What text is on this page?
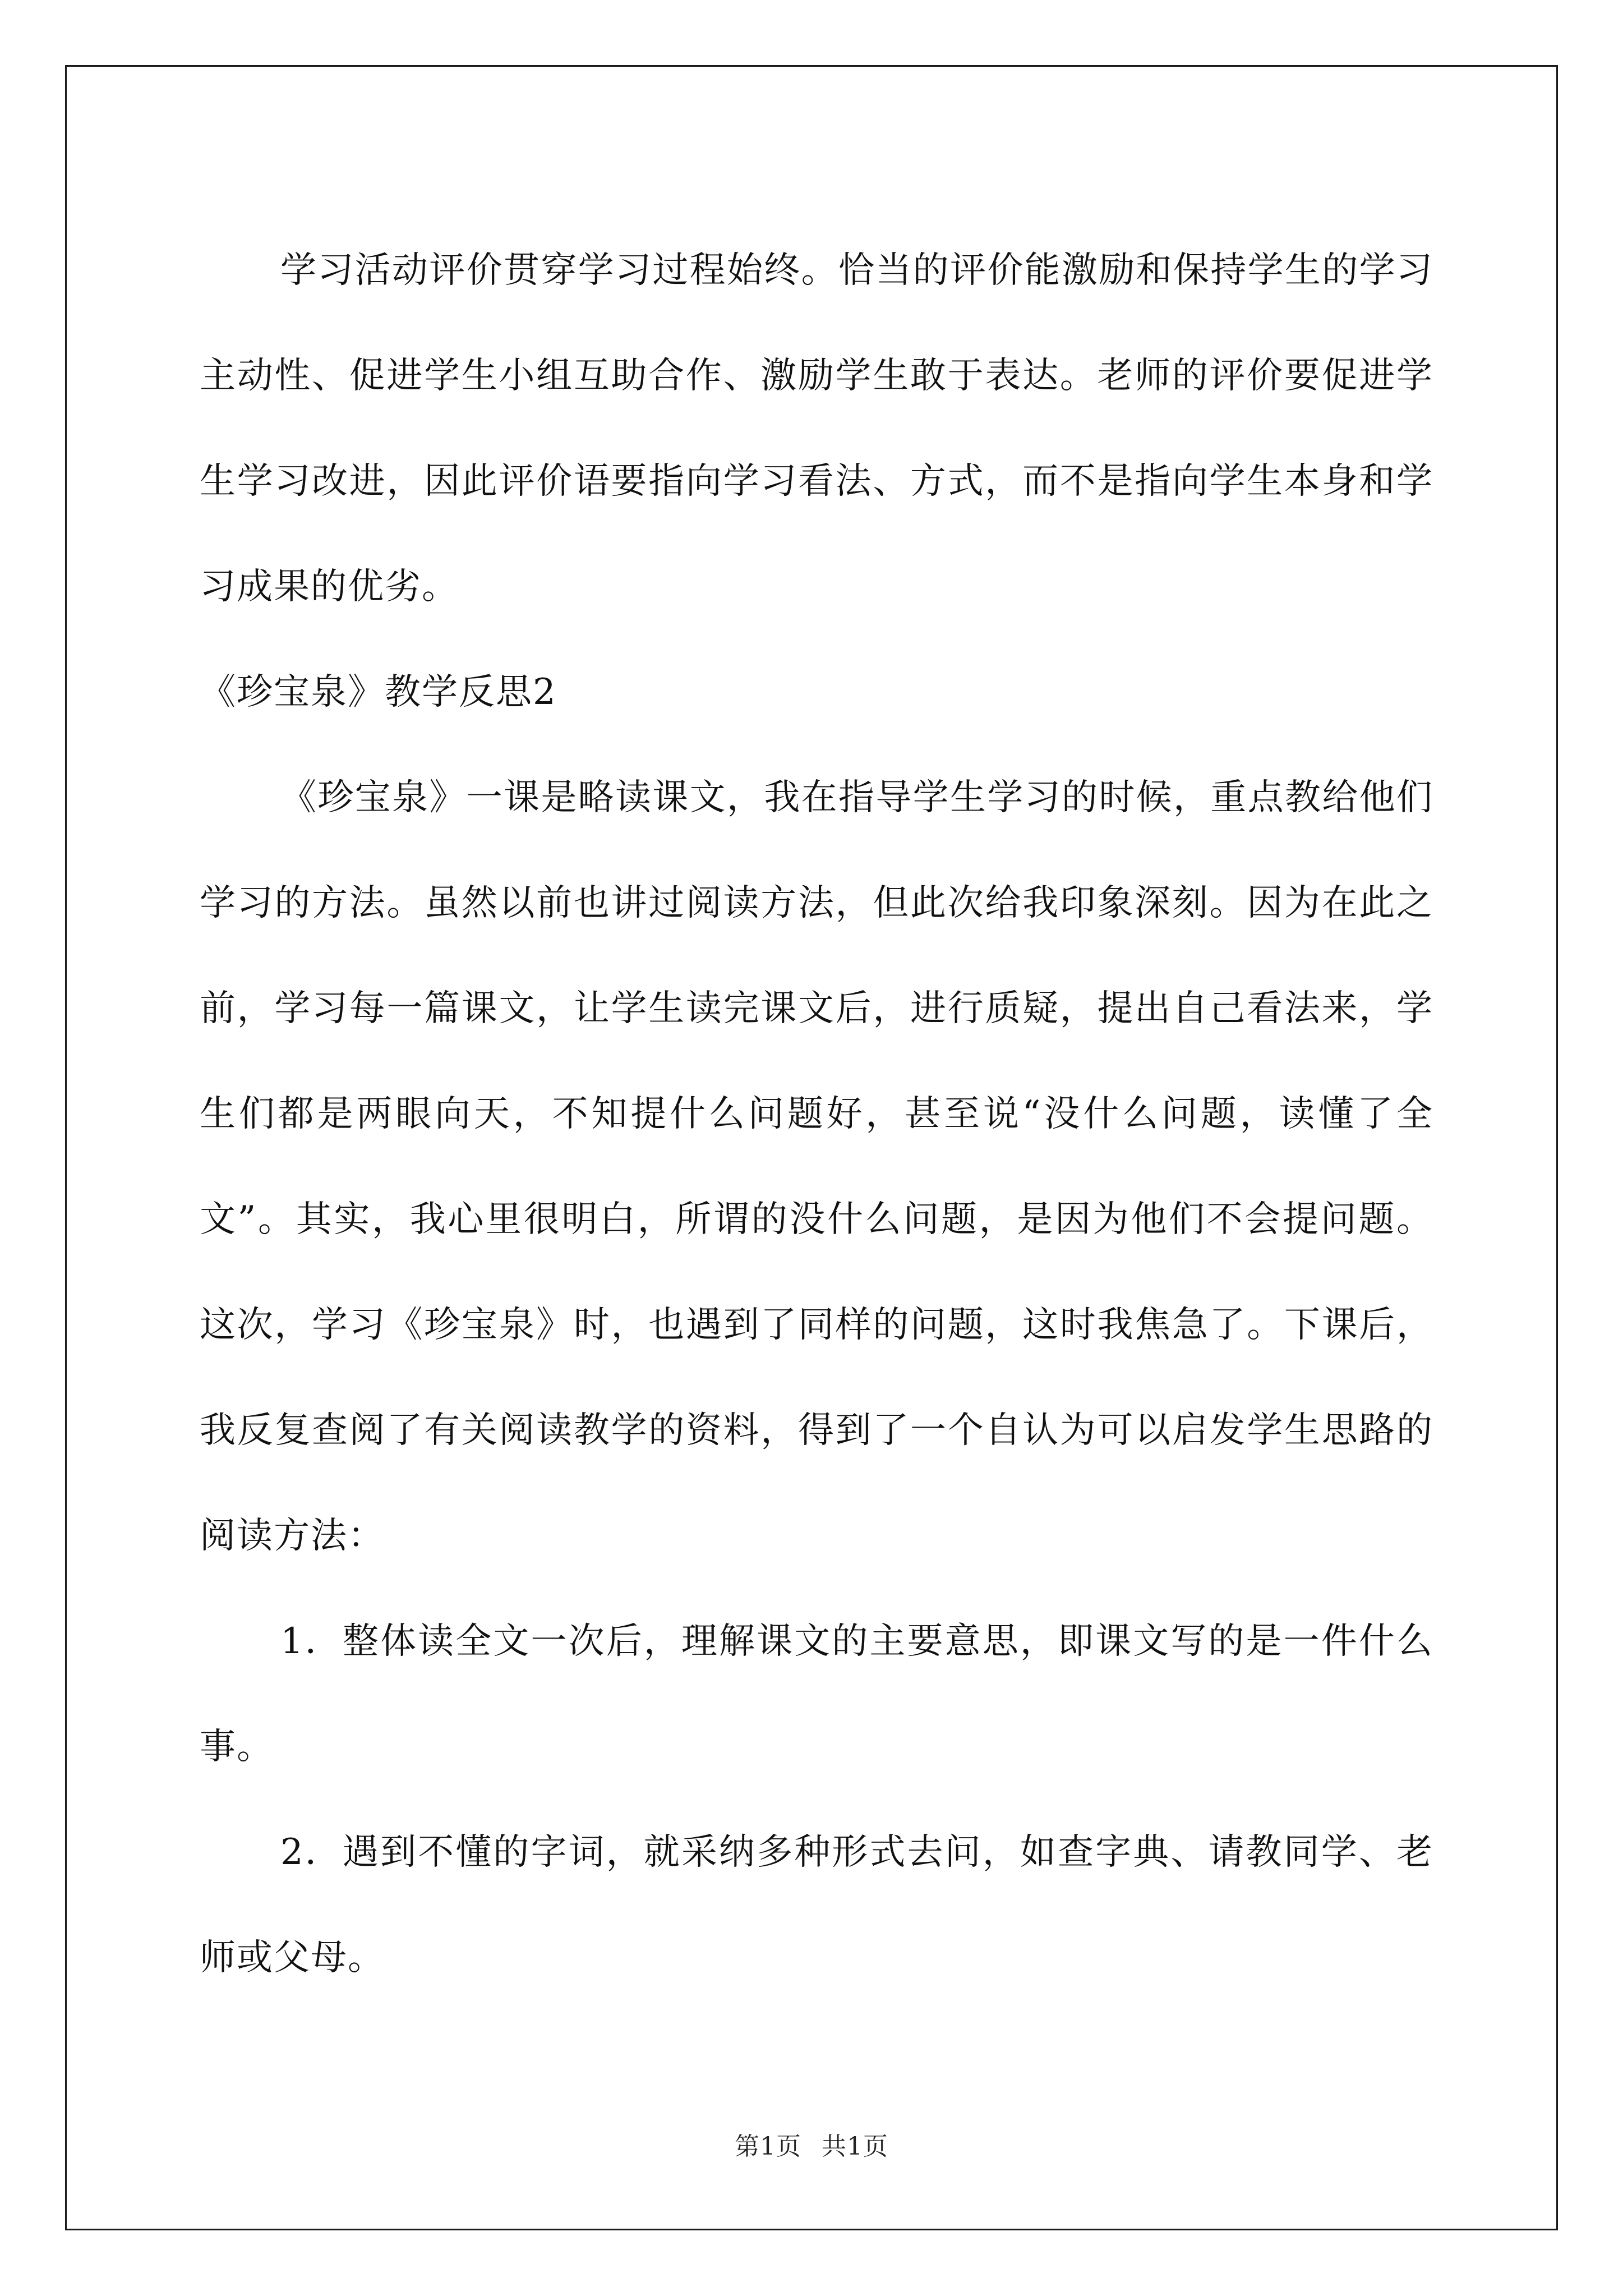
学习活动评价贯穿学习过程始终。恰当的评价能激励和保持学生的学习主动性、促进学生小组互助合作、激励学生敢于表达。老师的评价要促进学生学习改进，因此评价语要指向学习看法、方式，而不是指向学生本身和学习成果的优劣。

《珍宝泉》教学反思2

《珍宝泉》一课是略读课文，我在指导学生学习的时候，重点教给他们学习的方法。虽然以前也讲过阅读方法，但此次给我印象深刻。因为在此之前，学习每一篇课文，让学生读完课文后，进行质疑，提出自己看法来，学生们都是两眼向天，不知提什么问题好，甚至说“没什么问题，读懂了全文”。其实，我心里很明白，所谓的没什么问题，是因为他们不会提问题。这次，学习《珍宝泉》时，也遇到了同样的问题，这时我焦急了。下课后，我反复查阅了有关阅读教学的资料，得到了一个自认为可以启发学生思路的阅读方法：

1．整体读全文一次后，理解课文的主要意思，即课文写的是一件什么事。

2．遇到不懂的字词，就采纳多种形式去问，如查字典、请教同学、老师或父母。

第1页 共1页
